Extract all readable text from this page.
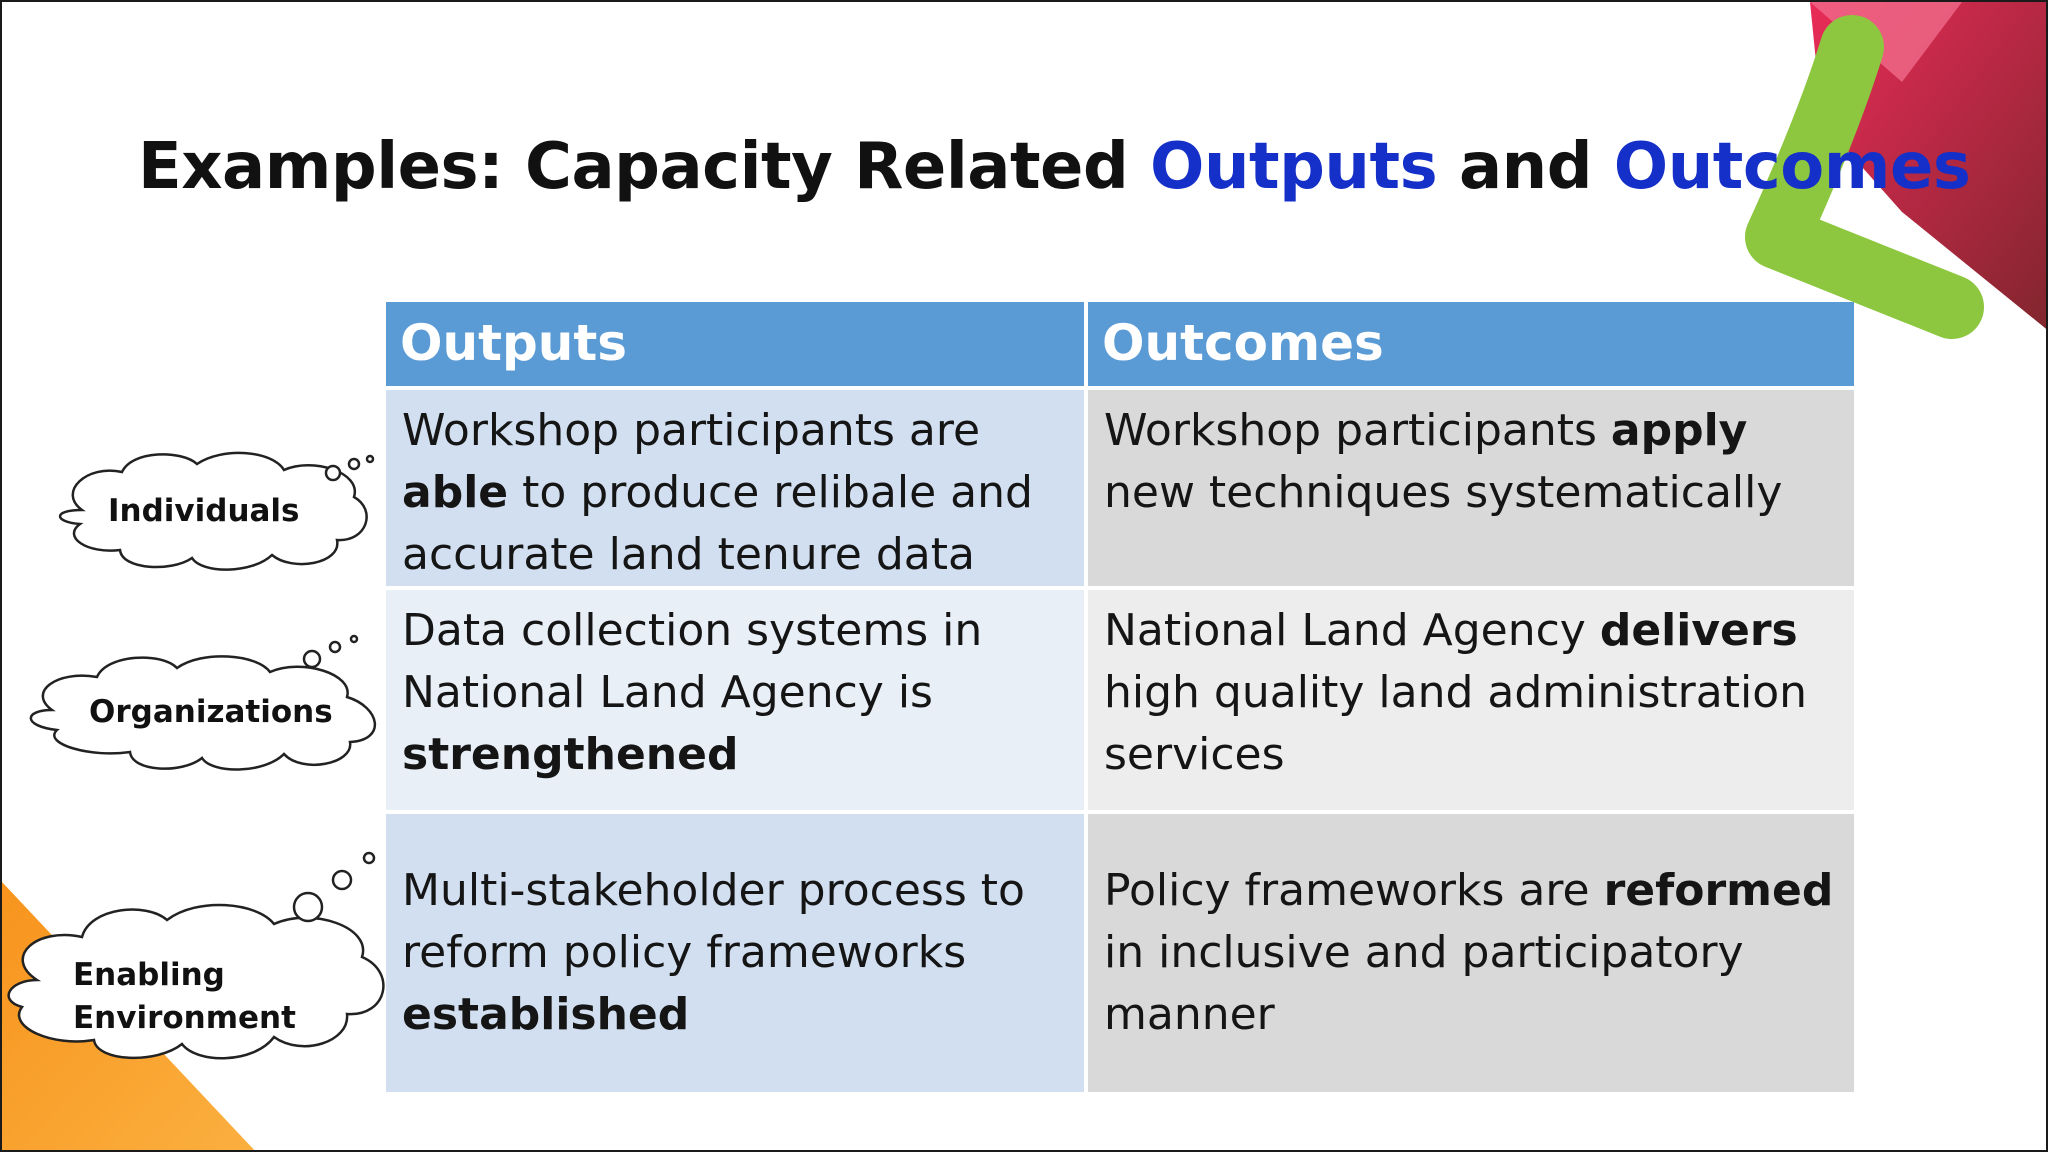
Examples: Capacity Related Outputs and Outcomes
Outputs	Outcomes
Workshop participants are able to produce relibale and accurate land tenure data
Workshop participants apply new techniques systematically
Data collection systems in National Land Agency is strengthened
National Land Agency delivers high quality land administration services
Multi-stakeholder process to reform policy frameworks established
Policy frameworks are reformed in inclusive and participatory manner
Individuals
Organizations
Enabling
Environment
